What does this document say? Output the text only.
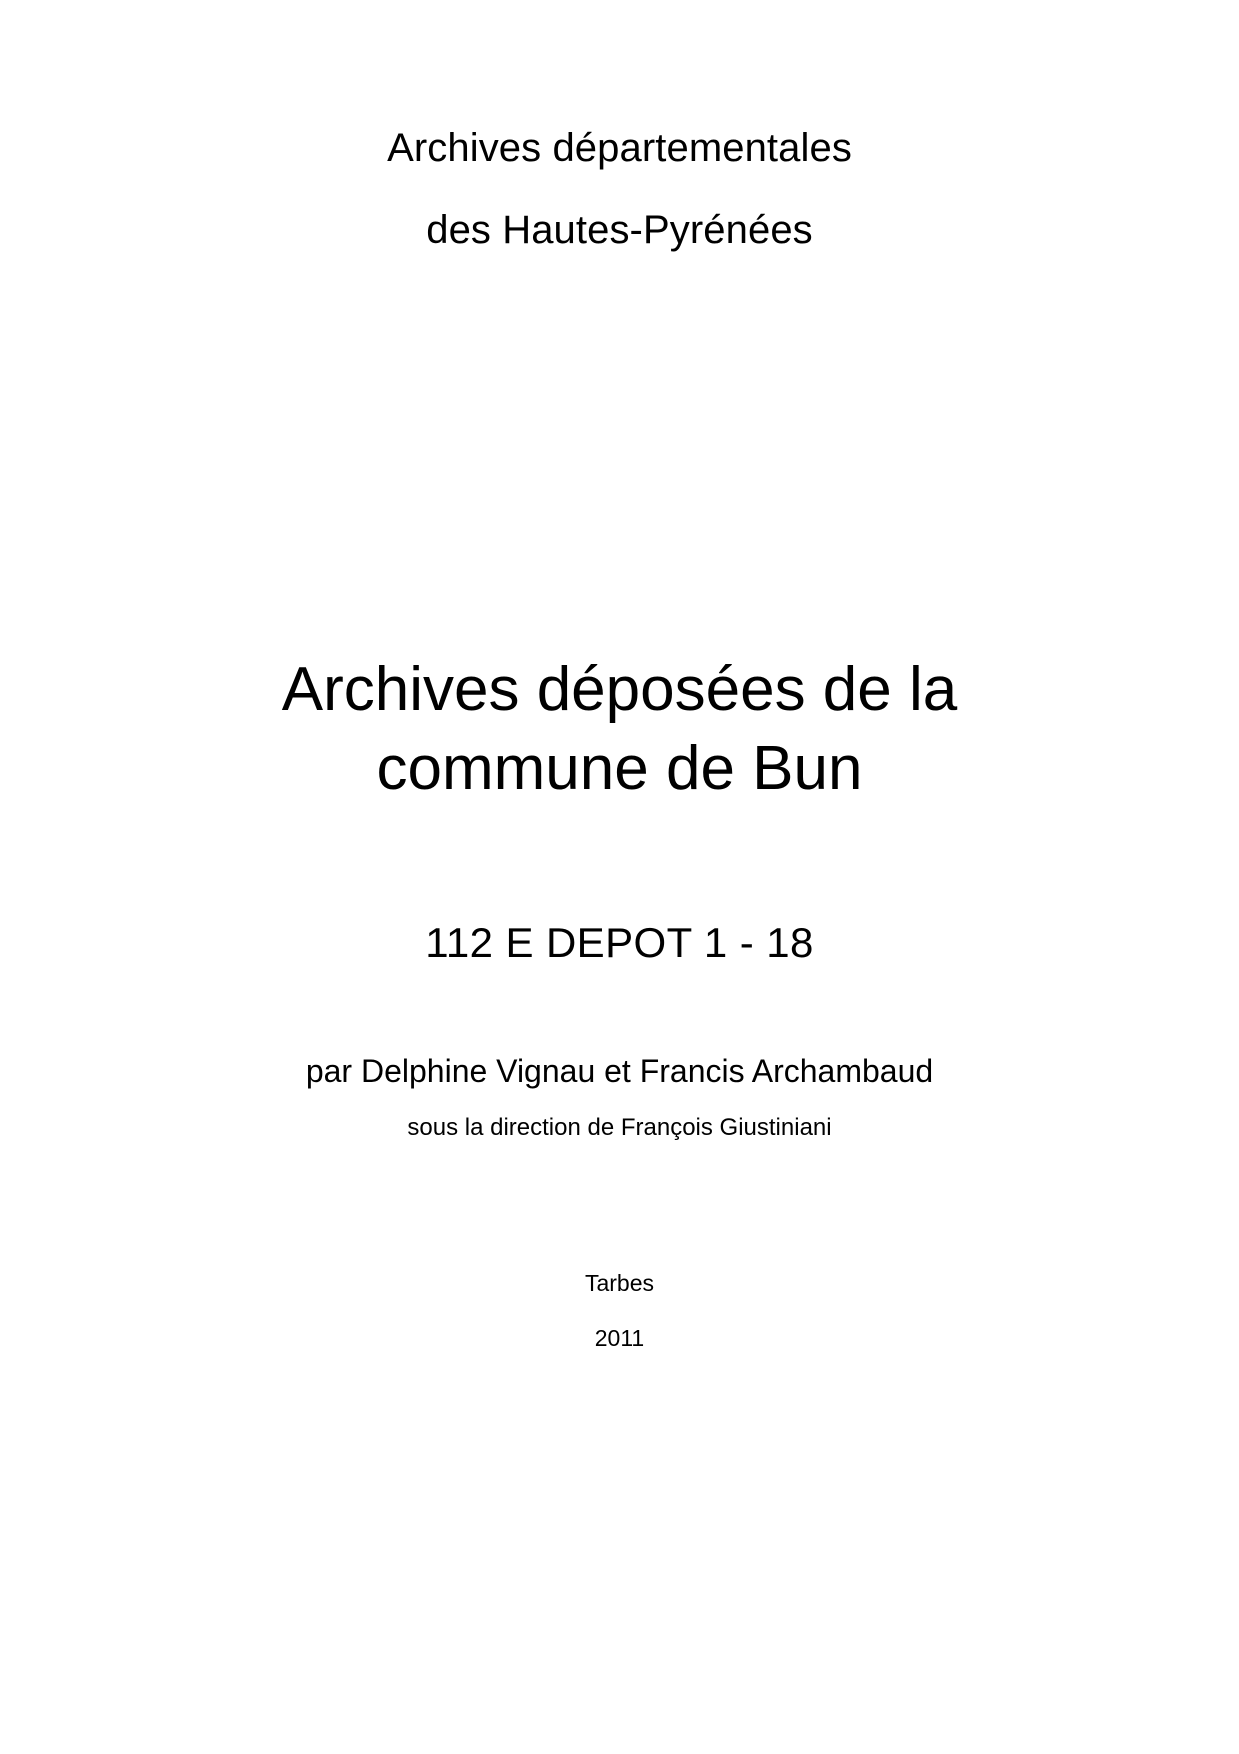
Archives départementales
des Hautes-Pyrénées
Archives déposées de la commune de Bun
112 E DEPOT 1 - 18
par Delphine Vignau et Francis Archambaud
sous la direction de François Giustiniani
Tarbes
2011
